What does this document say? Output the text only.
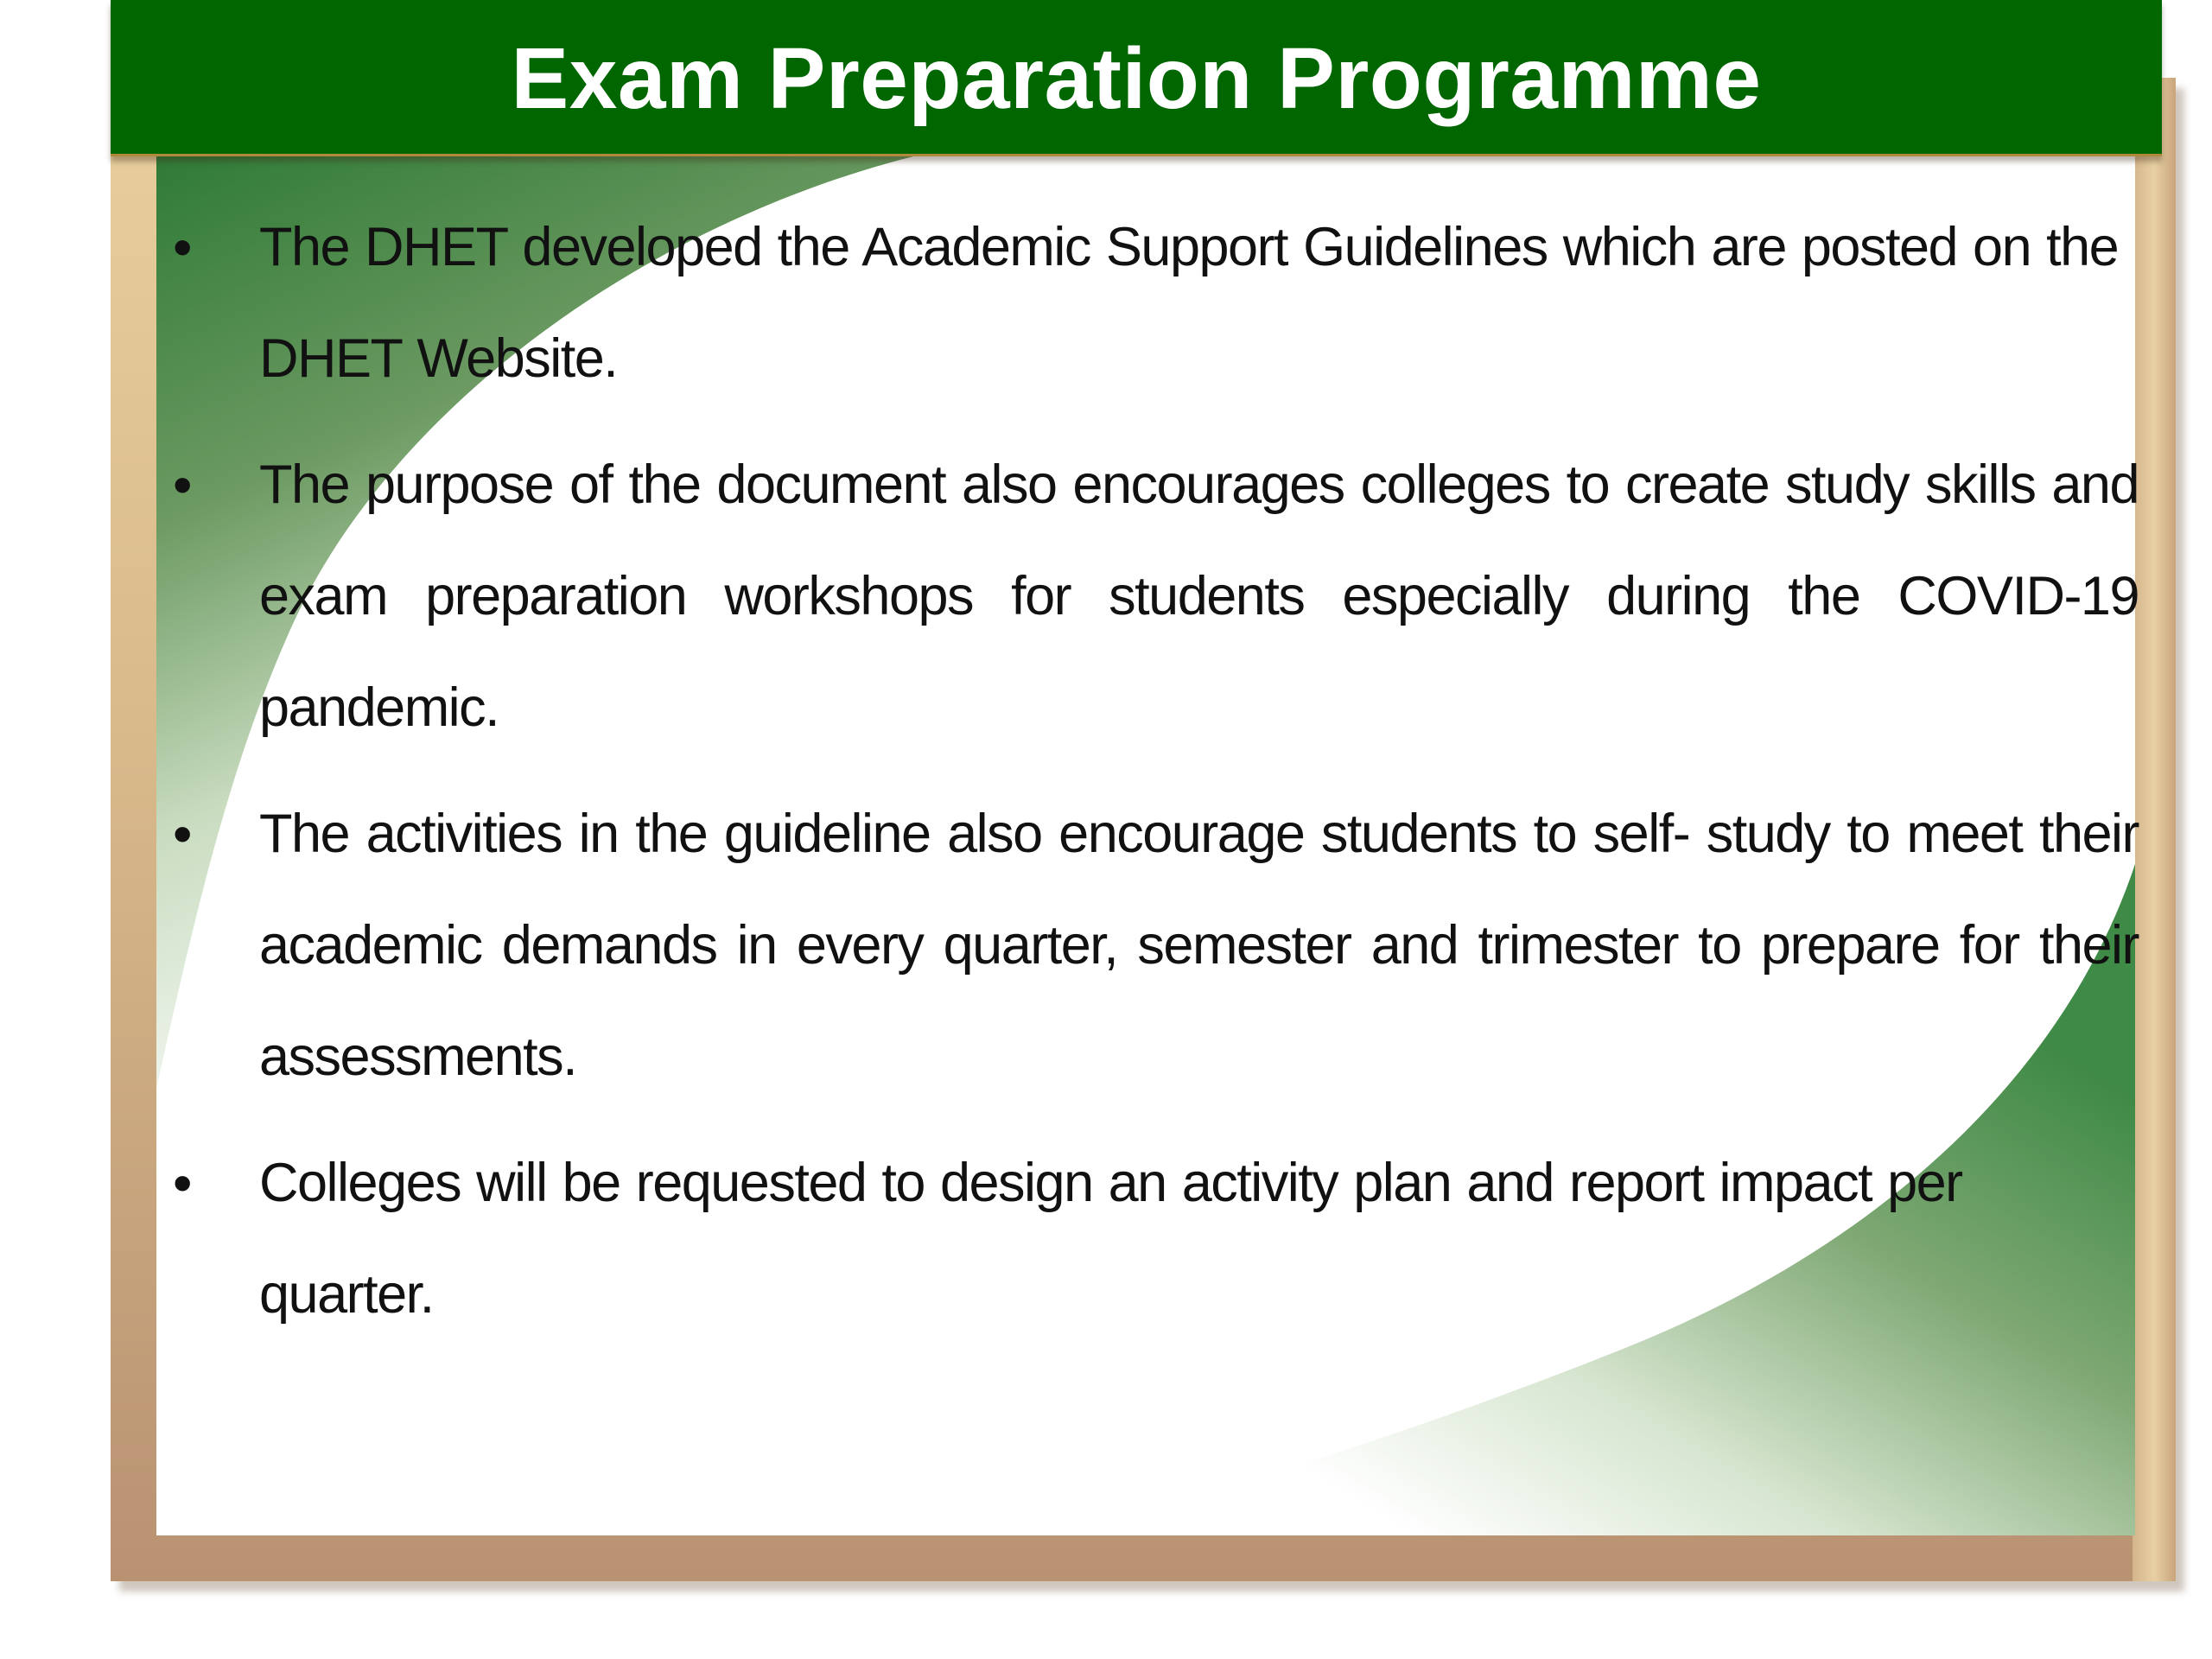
Exam Preparation Programme
•	The DHET developed the Academic Support Guidelines which are posted on the DHET Website.
•	The purpose of the document also encourages colleges to create study skills and exam preparation workshops for students especially during the COVID-19 pandemic.
•	The activities in the guideline also encourage students to self- study to meet their academic demands in every quarter, semester and trimester to prepare for their assessments.
•	Colleges will be requested to design an activity plan and report impact per quarter.
